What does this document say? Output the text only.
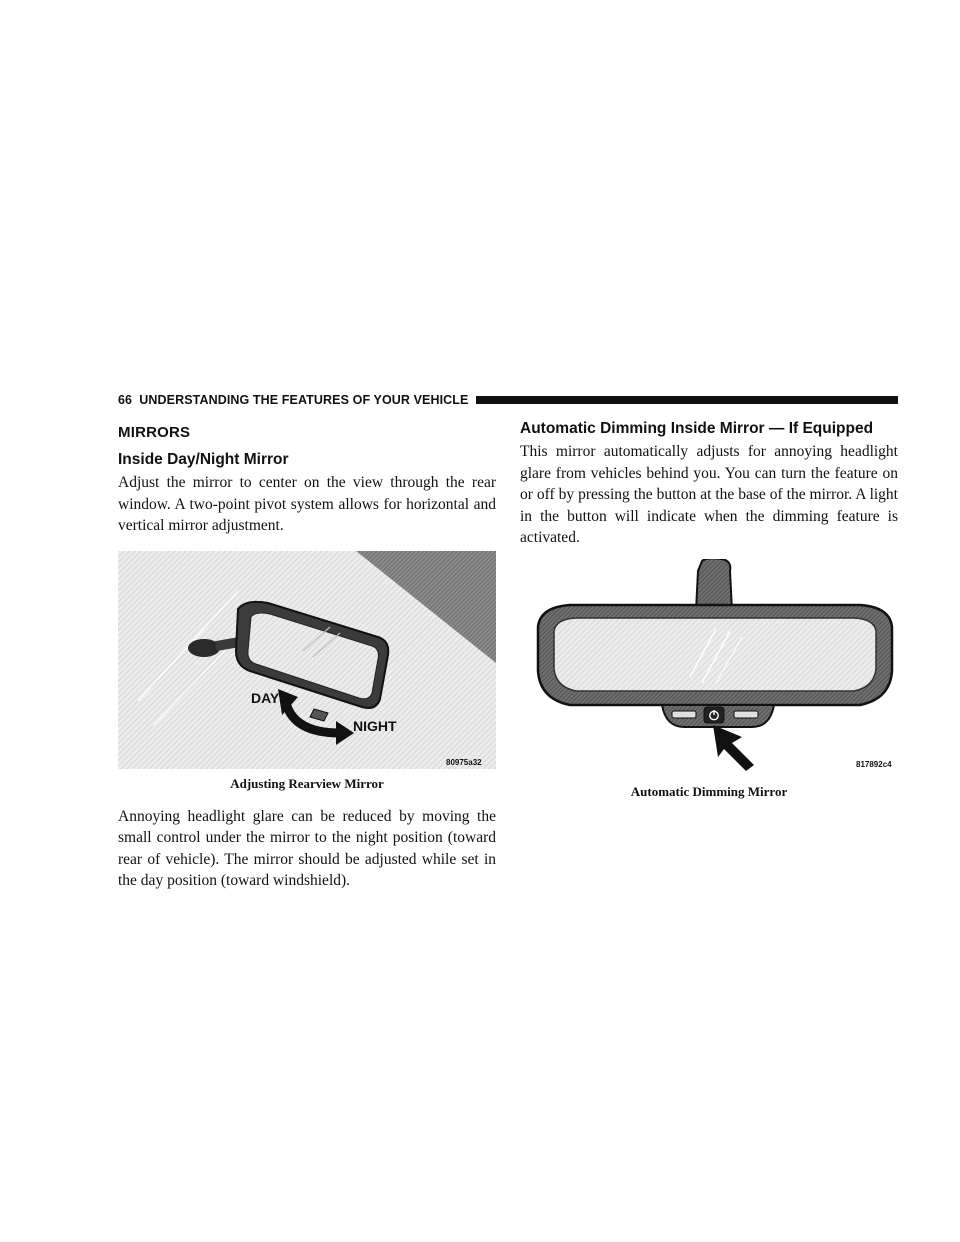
66 UNDERSTANDING THE FEATURES OF YOUR VEHICLE
MIRRORS
Inside Day/Night Mirror

Adjust the mirror to center on the view through the rear window. A two-point pivot system allows for horizontal and vertical mirror adjustment.

DAY
NIGHT
80975a32
Adjusting Rearview Mirror

Annoying headlight glare can be reduced by moving the small control under the mirror to the night position (toward rear of vehicle). The mirror should be adjusted while set in the day position (toward windshield).

Automatic Dimming Inside Mirror — If Equipped

This mirror automatically adjusts for annoying headlight glare from vehicles behind you. You can turn the feature on or off by pressing the button at the base of the mirror. A light in the button will indicate when the dimming feature is activated.

817892c4
Automatic Dimming Mirror
